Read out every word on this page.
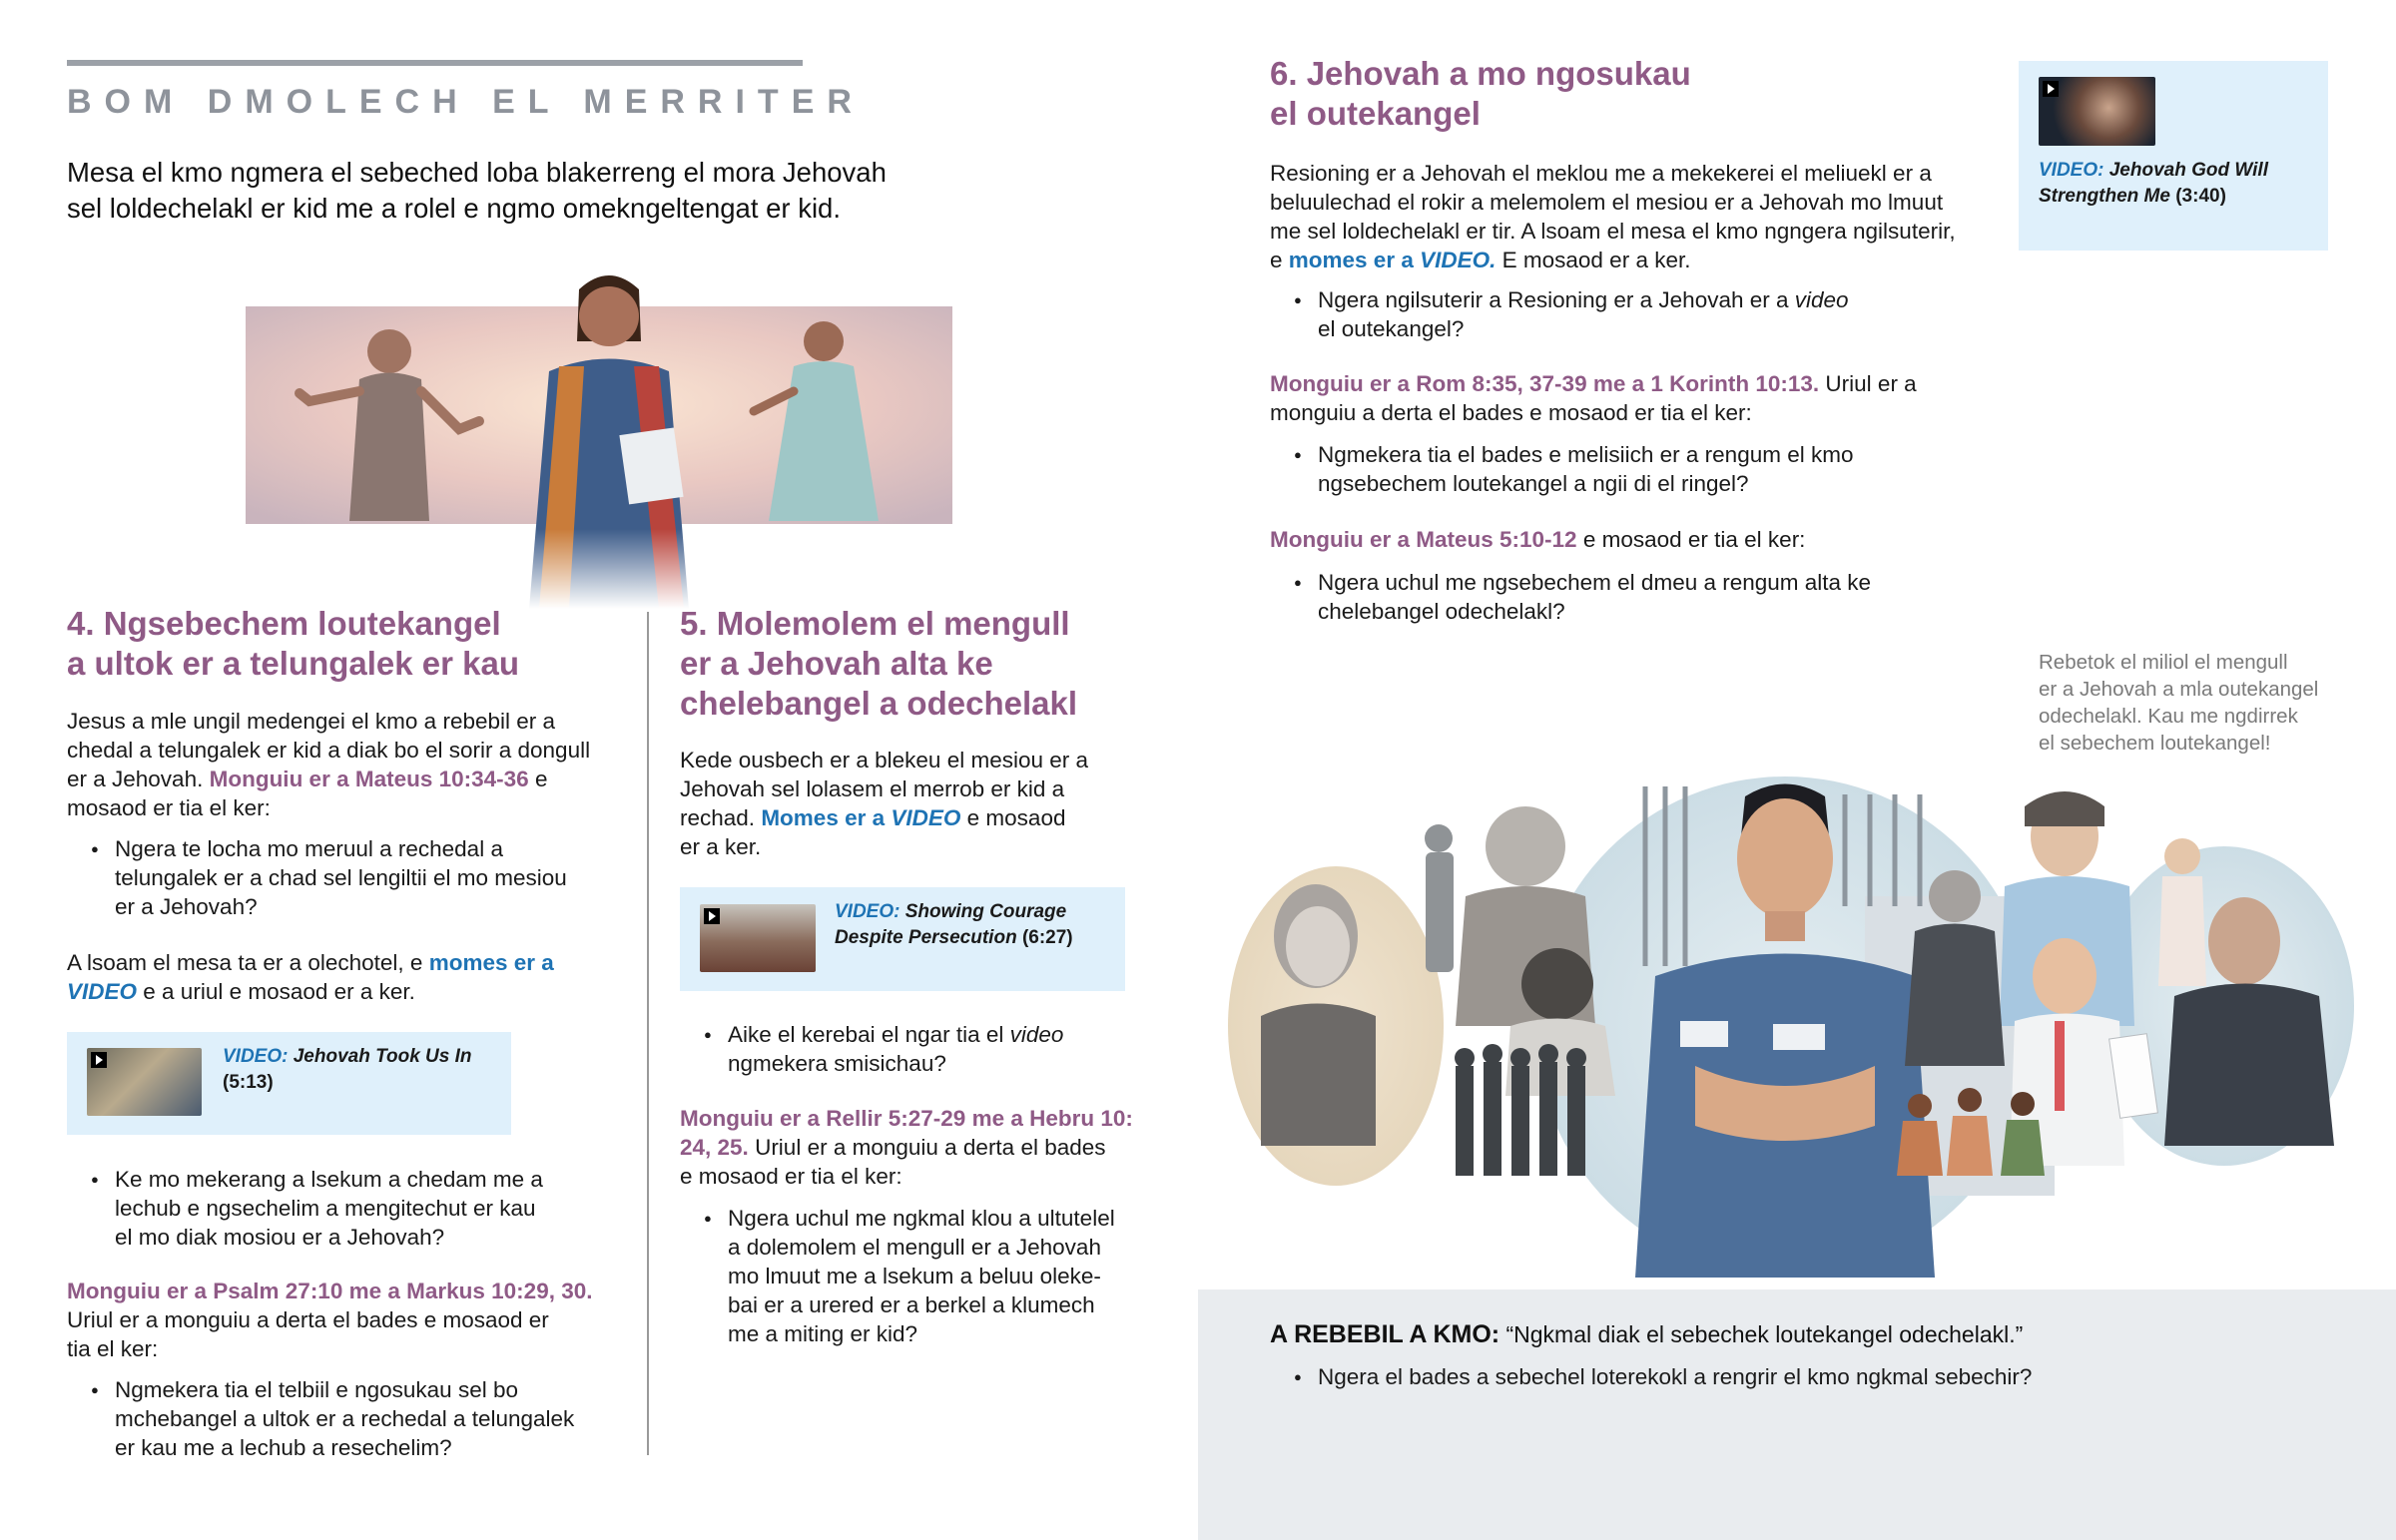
BOM DMOLECH EL MERRITER
Mesa el kmo ngmera el sebeched loba blakerreng el mora Jehovah
sel loldechelakl er kid me a rolel e ngmo omekngeltengat er kid.
4. Ngsebechem loutekangel
a ultok er a telungalek er kau
Jesus a mle ungil medengei el kmo a rebebil er a
chedal a telungalek er kid a diak bo el sorir a dongull
er a Jehovah. Monguiu er a Mateus 10:34-36 e
mosaod er tia el ker:
● Ngera te locha mo meruul a rechedal a
telungalek er a chad sel lengiltii el mo mesiou
er a Jehovah?
A lsoam el mesa ta er a olechotel, e momes er a
VIDEO e a uriul e mosaod er a ker.
VIDEO: Jehovah Took Us In
(5:13)
● Ke mo mekerang a lsekum a chedam me a
lechub e ngsechelim a mengitechut er kau
el mo diak mosiou er a Jehovah?
Monguiu er a Psalm 27:10 me a Markus 10:29, 30.
Uriul er a monguiu a derta el bades e mosaod er
tia el ker:
● Ngmekera tia el telbiil e ngosukau sel bo
mchebangel a ultok er a rechedal a telungalek
er kau me a lechub a resechelim?
5. Molemolem el mengull
er a Jehovah alta ke
chelebangel a odechelakl
Kede ousbech er a blekeu el mesiou er a
Jehovah sel lolasem el merrob er kid a
rechad. Momes er a VIDEO e mosaod
er a ker.
VIDEO: Showing Courage
Despite Persecution (6:27)
● Aike el kerebai el ngar tia el video
ngmekera smisichau?
Monguiu er a Rellir 5:27-29 me a Hebru 10:
24, 25. Uriul er a monguiu a derta el bades
e mosaod er tia el ker:
● Ngera uchul me ngkmal klou a ultutelel
a dolemolem el mengull er a Jehovah
mo lmuut me a lsekum a beluu oleke-
bai er a urered er a berkel a klumech
me a miting er kid?
6. Jehovah a mo ngosukau
el outekangel
Resioning er a Jehovah el meklou me a mekekerei el meliuekl er a
beluulechad el rokir a melemolem el mesiou er a Jehovah mo lmuut
me sel loldechelakl er tir. A lsoam el mesa el kmo ngngera ngilsuterir,
e momes er a VIDEO. E mosaod er a ker.
VIDEO: Jehovah God Will
Strengthen Me (3:40)
● Ngera ngilsuterir a Resioning er a Jehovah er a video
el outekangel?
Monguiu er a Rom 8:35, 37-39 me a 1 Korinth 10:13. Uriul er a
monguiu a derta el bades e mosaod er tia el ker:
● Ngmekera tia el bades e melisiich er a rengum el kmo
ngsebechem loutekangel a ngii di el ringel?
Monguiu er a Mateus 5:10-12 e mosaod er tia el ker:
● Ngera uchul me ngsebechem el dmeu a rengum alta ke
chelebangel odechelakl?
Rebetok el miliol el mengull
er a Jehovah a mla outekangel
odechelakl. Kau me ngdirrek
el sebechem loutekangel!
A REBEBIL A KMO: “Ngkmal diak el sebechek loutekangel odechelakl.”
● Ngera el bades a sebechel loterekokl a rengrir el kmo ngkmal sebechir?
